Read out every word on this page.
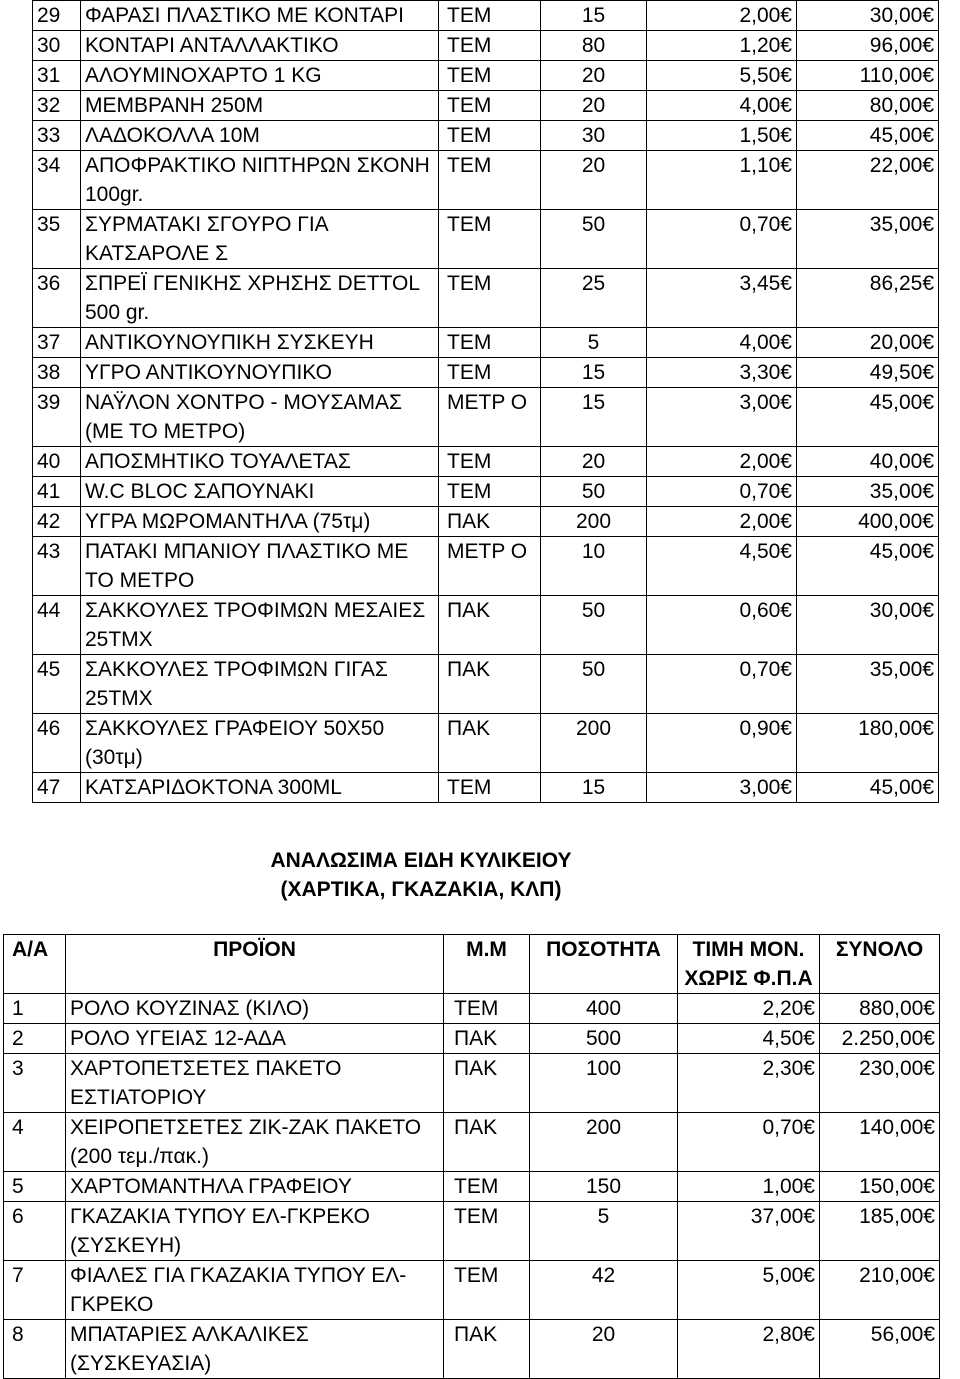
29	ΦΑΡΑΣΙ ΠΛΑΣΤΙΚΟ ΜΕ ΚΟΝΤΑΡΙ	ΤΕΜ	15	2,00€	30,00€
30	ΚΟΝΤΑΡΙ ΑΝΤΑΛΛΑΚΤΙΚΟ	ΤΕΜ	80	1,20€	96,00€
31	ΑΛΟΥΜΙΝΟΧΑΡΤΟ 1 KG	ΤΕΜ	20	5,50€	110,00€
32	ΜΕΜΒΡΑΝΗ 250Μ	ΤΕΜ	20	4,00€	80,00€
33	ΛΑΔΟΚΟΛΛΑ 10Μ	ΤΕΜ	30	1,50€	45,00€
34	ΑΠΟΦΡΑΚΤΙΚΟ ΝΙΠΤΗΡΩΝ ΣΚΟΝΗ 100gr.	ΤΕΜ	20	1,10€	22,00€
35	ΣΥΡΜΑΤΑΚΙ ΣΓΟΥΡΟ ΓΙΑ ΚΑΤΣΑΡΟΛΕ Σ	ΤΕΜ	50	0,70€	35,00€
36	ΣΠΡΕΪ ΓΕΝΙΚΗΣ ΧΡΗΣΗΣ DETTOL 500 gr.	ΤΕΜ	25	3,45€	86,25€
37	ΑΝΤΙΚΟΥΝΟΥΠΙΚΗ ΣΥΣΚΕΥΗ	ΤΕΜ	5	4,00€	20,00€
38	ΥΓΡΟ ΑΝΤΙΚΟΥΝΟΥΠΙΚΟ	ΤΕΜ	15	3,30€	49,50€
39	ΝΑΫΛΟΝ ΧΟΝΤΡΟ - ΜΟΥΣΑΜΑΣ (ΜΕ ΤΟ ΜΕΤΡΟ)	ΜΕΤΡ Ο	15	3,00€	45,00€
40	ΑΠΟΣΜΗΤΙΚΟ ΤΟΥΑΛΕΤΑΣ	ΤΕΜ	20	2,00€	40,00€
41	W.C BLOC ΣΑΠΟΥΝΑΚΙ	ΤΕΜ	50	0,70€	35,00€
42	ΥΓΡΑ ΜΩΡΟΜΑΝΤΗΛΑ (75τμ)	ΠΑΚ	200	2,00€	400,00€
43	ΠΑΤΑΚΙ ΜΠΑΝΙΟΥ ΠΛΑΣΤΙΚΟ ΜΕ ΤΟ ΜΕΤΡΟ	ΜΕΤΡ Ο	10	4,50€	45,00€
44	ΣΑΚΚΟΥΛΕΣ ΤΡΟΦΙΜΩΝ ΜΕΣΑΙΕΣ 25ΤΜΧ	ΠΑΚ	50	0,60€	30,00€
45	ΣΑΚΚΟΥΛΕΣ ΤΡΟΦΙΜΩΝ ΓΙΓΑΣ 25ΤΜΧ	ΠΑΚ	50	0,70€	35,00€
46	ΣΑΚΚΟΥΛΕΣ ΓΡΑΦΕΙΟΥ 50Χ50 (30τμ)	ΠΑΚ	200	0,90€	180,00€
47	ΚΑΤΣΑΡΙΔΟΚΤΟΝΑ 300ML	ΤΕΜ	15	3,00€	45,00€
ΑΝΑΛΩΣΙΜΑ ΕΙΔΗ ΚΥΛΙΚΕΙΟΥ
(ΧΑΡΤΙΚΑ, ΓΚΑΖΑΚΙΑ, ΚΛΠ)
Α/Α	ΠΡΟΪΟΝ	Μ.Μ	ΠΟΣΟΤΗΤΑ	ΤΙΜΗ ΜΟΝ. ΧΩΡΙΣ Φ.Π.Α	ΣΥΝΟΛΟ
1	ΡΟΛΟ ΚΟΥΖΙΝΑΣ (ΚΙΛΟ)	ΤΕΜ	400	2,20€	880,00€
2	ΡΟΛΟ ΥΓΕΙΑΣ 12-ΑΔΑ	ΠΑΚ	500	4,50€	2.250,00€
3	ΧΑΡΤΟΠΕΤΣΕΤΕΣ ΠΑΚΕΤΟ ΕΣΤΙΑΤΟΡΙΟΥ	ΠΑΚ	100	2,30€	230,00€
4	ΧΕΙΡΟΠΕΤΣΕΤΕΣ ΖΙΚ-ΖΑΚ ΠΑΚΕΤΟ (200 τεμ./πακ.)	ΠΑΚ	200	0,70€	140,00€
5	ΧΑΡΤΟΜΑΝΤΗΛΑ ΓΡΑΦΕΙΟΥ	ΤΕΜ	150	1,00€	150,00€
6	ΓΚΑΖΑΚΙΑ ΤΥΠΟΥ ΕΛ-ΓΚΡΕΚΟ (ΣΥΣΚΕΥΗ)	ΤΕΜ	5	37,00€	185,00€
7	ΦΙΑΛΕΣ ΓΙΑ ΓΚΑΖΑΚΙΑ ΤΥΠΟΥ ΕΛ-ΓΚΡΕΚΟ	ΤΕΜ	42	5,00€	210,00€
8	ΜΠΑΤΑΡΙΕΣ ΑΛΚΑΛΙΚΕΣ (ΣΥΣΚΕΥΑΣΙΑ)	ΠΑΚ	20	2,80€	56,00€
